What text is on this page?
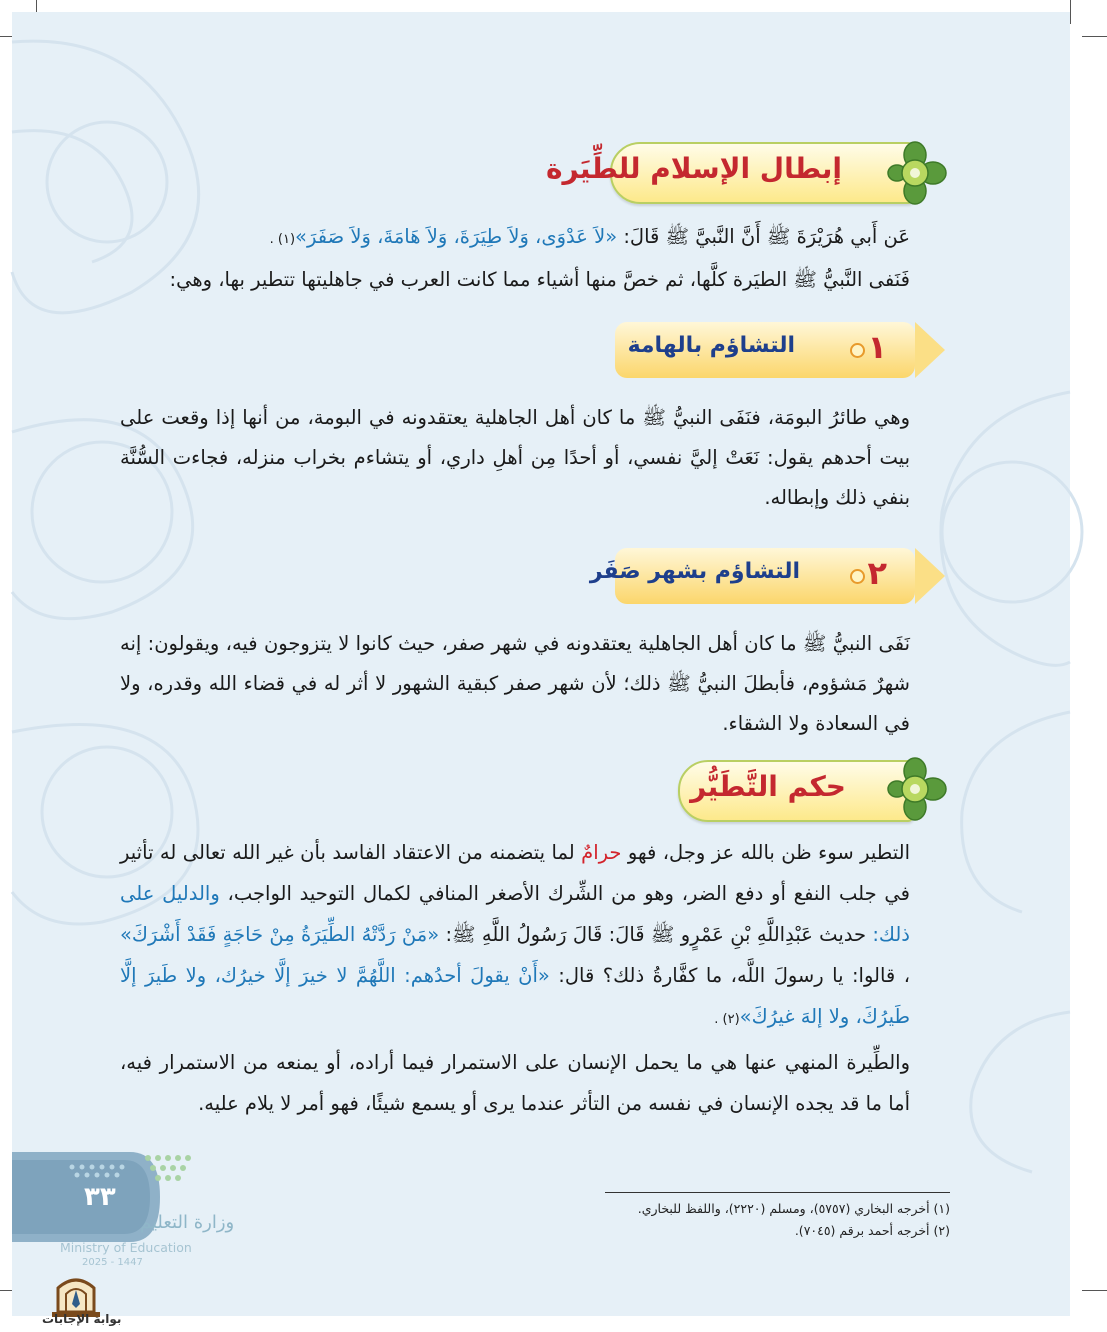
إبطال الإسلام للطِّيَرة
عَن أَبي هُرَيْرَةَ ﷺ أَنَّ النَّبيَّ ﷺ قَالَ: «لاَ عَدْوَى، وَلاَ طِيَرَةَ، وَلاَ هَامَةَ، وَلاَ صَفَرَ»(١) .
فَنَفى النَّبيُّ ﷺ الطيَرة كلَّها، ثم خصَّ منها أشياء مما كانت العرب في جاهليتها تتطير بها، وهي:
١
التشاؤم بالهامة
وهي طائرُ البومَة، فنَفَى النبيُّ ﷺ ما كان أهل الجاهلية يعتقدونه في البومة، من أنها إذا وقعت على بيت أحدهم يقول: نَعَتْ إليَّ نفسي، أو أحدًا مِن أهلِ داري، أو يتشاءم بخراب منزله، فجاءت السُّنَّة بنفي ذلك وإبطاله.
٢
التشاؤم بشهر صَفَر
نَفَى النبيُّ ﷺ ما كان أهل الجاهلية يعتقدونه في شهر صفر، حيث كانوا لا يتزوجون فيه، ويقولون: إنه شهرٌ مَشؤوم، فأبطلَ النبيُّ ﷺ ذلك؛ لأن شهر صفر كبقية الشهور لا أثر له في قضاء الله وقدره، ولا في السعادة ولا الشقاء.
حكم التَّطَيُّر
التطير سوء ظن بالله عز وجل، فهو حرامٌ لما يتضمنه من الاعتقاد الفاسد بأن غير الله تعالى له تأثير في جلب النفع أو دفع الضر، وهو من الشِّرك الأصغر المنافي لكمال التوحيد الواجب، والدليل على ذلك: حديث عَبْدِاللَّهِ بْنِ عَمْرٍو ﷺ قَالَ: قَالَ رَسُولُ اللَّهِ ﷺ: «مَنْ رَدَّتْهُ الطِّيَرَةُ مِنْ حَاجَةٍ فَقَدْ أَشْرَكَ» ، قالوا: يا رسولَ اللَّه، ما كفَّارةُ ذلك؟ قال: «أَنْ يقولَ أحدُهم: اللَّهُمَّ لا خيرَ إلَّا خيرُك، ولا طَيرَ إلَّا طَيرُكَ، ولا إلهَ غيرُكَ»(٢) .
والطِّيرة المنهي عنها هي ما يحمل الإنسان على الاستمرار فيما أراده، أو يمنعه من الاستمرار فيه، أما ما قد يجده الإنسان في نفسه من التأثر عندما يرى أو يسمع شيئًا، فهو أمر لا يلام عليه.
(١) أخرجه البخاري (٥٧٥٧)، ومسلم (٢٢٢٠)، واللفظ للبخاري.
(٢) أخرجه أحمد برقم (٧٠٤٥).
٣٣
وزارة التعليم
Ministry of Education
2025 - 1447
بوابة الإجابات
